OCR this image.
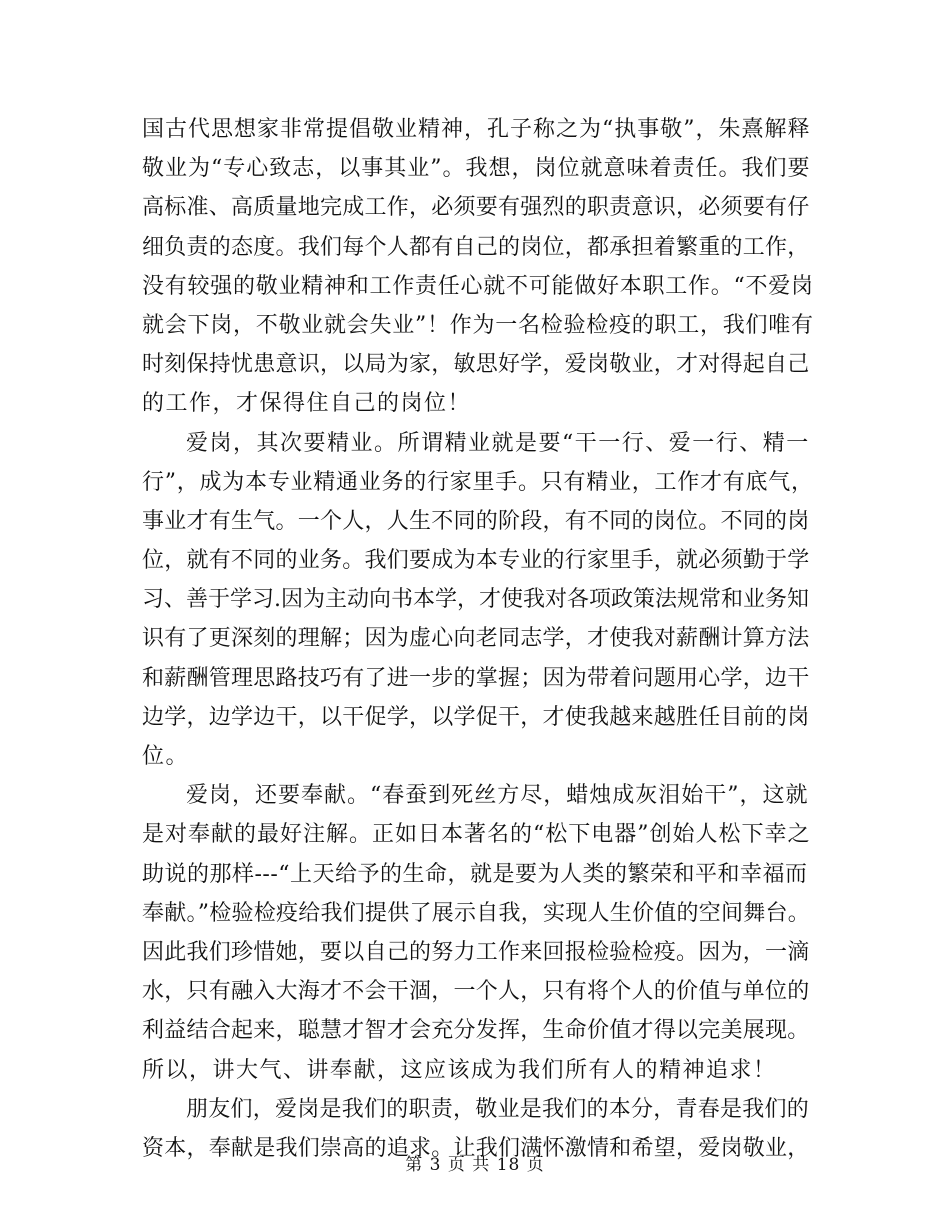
国古代思想家非常提倡敬业精神，孔子称之为“执事敬”，朱熹解释
敬业为“专心致志，以事其业”。我想，岗位就意味着责任。我们要
高标准、高质量地完成工作，必须要有强烈的职责意识，必须要有仔
细负责的态度。我们每个人都有自己的岗位，都承担着繁重的工作，
没有较强的敬业精神和工作责任心就不可能做好本职工作。“不爱岗
就会下岗，不敬业就会失业”！作为一名检验检疫的职工，我们唯有
时刻保持忧患意识，以局为家，敏思好学，爱岗敬业，才对得起自己
的工作，才保得住自己的岗位！
爱岗，其次要精业。所谓精业就是要“干一行、爱一行、精一
行”，成为本专业精通业务的行家里手。只有精业，工作才有底气，
事业才有生气。一个人，人生不同的阶段，有不同的岗位。不同的岗
位，就有不同的业务。我们要成为本专业的行家里手，就必须勤于学
习、善于学习.因为主动向书本学，才使我对各项政策法规常和业务知
识有了更深刻的理解；因为虚心向老同志学，才使我对薪酬计算方法
和薪酬管理思路技巧有了进一步的掌握；因为带着问题用心学，边干
边学，边学边干，以干促学，以学促干，才使我越来越胜任目前的岗
位。
爱岗，还要奉献。“春蚕到死丝方尽，蜡烛成灰泪始干”，这就
是对奉献的最好注解。正如日本著名的“松下电器”创始人松下幸之
助说的那样---“上天给予的生命，就是要为人类的繁荣和平和幸福而
奉献。”检验检疫给我们提供了展示自我，实现人生价值的空间舞台。
因此我们珍惜她，要以自己的努力工作来回报检验检疫。因为，一滴
水，只有融入大海才不会干涸，一个人，只有将个人的价值与单位的
利益结合起来，聪慧才智才会充分发挥，生命价值才得以完美展现。
所以，讲大气、讲奉献，这应该成为我们所有人的精神追求！
朋友们，爱岗是我们的职责，敬业是我们的本分，青春是我们的
资本，奉献是我们崇高的追求。让我们满怀激情和希望，爱岗敬业，
第 3 页 共 18 页
